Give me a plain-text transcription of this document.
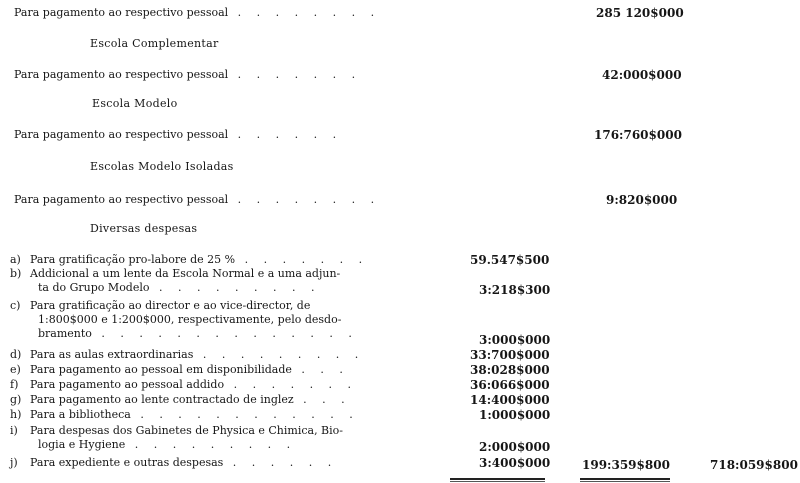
Para pagamento ao respectivo pessoal . . . . . . . .	285 120$000
Escola Complementar
Para pagamento ao respectivo pessoal . . . . . . .	42:000$000
Escola Modelo
Para pagamento ao respectivo pessoal . . . . . .	176:760$000
Escolas Modelo Isoladas
Para pagamento ao respectivo pessoal . . . . . . . .	9:820$000
Diversas despesas
a) Para gratificação pro-labore de 25 % . . . . . . .	59.547$500
b) Addicional a um lente da Escola Normal e a uma adjun-
ta do Grupo Modelo . . . . . . . . .	3:218$300
c) Para gratificação ao director e ao vice-director, de
1:800$000 e 1:200$000, respectivamente, pelo desdo-
bramento . . . . . . . . . . . . . .	3:000$000
d) Para as aulas extraordinarias . . . . . . . . .	33:700$000
e) Para pagamento ao pessoal em disponibilidade . . .	38:028$000
f) Para pagamento ao pessoal addido . . . . . . .	36:066$000
g) Para pagamento ao lente contractado de inglez . . .	14:400$000
h) Para a bibliotheca . . . . . . . . . . . .	1:000$000
i) Para despesas dos Gabinetes de Physica e Chimica, Bio-
logia e Hygiene . . . . . . . . .	2:000$000
j) Para expediente e outras despesas . . . . . .	3:400$000	199:359$800	718:059$800
